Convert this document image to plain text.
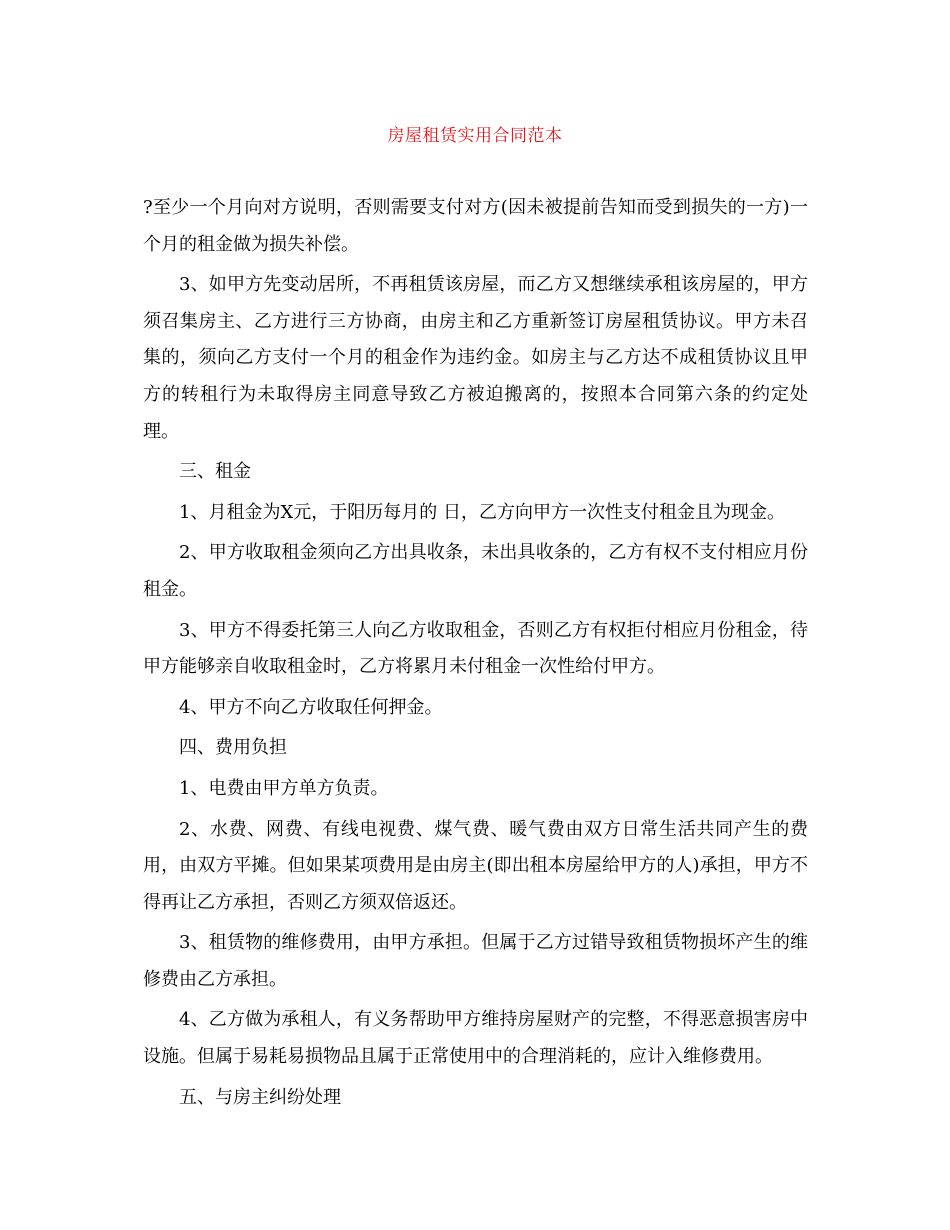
房屋租赁实用合同范本

?至少一个月向对方说明，否则需要支付对方(因未被提前告知而受到损失的一方)一个月的租金做为损失补偿。

3、如甲方先变动居所，不再租赁该房屋，而乙方又想继续承租该房屋的，甲方须召集房主、乙方进行三方协商，由房主和乙方重新签订房屋租赁协议。甲方未召集的，须向乙方支付一个月的租金作为违约金。如房主与乙方达不成租赁协议且甲方的转租行为未取得房主同意导致乙方被迫搬离的，按照本合同第六条的约定处理。

三、租金

1、月租金为X元，于阳历每月的 日，乙方向甲方一次性支付租金且为现金。

2、甲方收取租金须向乙方出具收条，未出具收条的，乙方有权不支付相应月份租金。

3、甲方不得委托第三人向乙方收取租金，否则乙方有权拒付相应月份租金，待甲方能够亲自收取租金时，乙方将累月未付租金一次性给付甲方。

4、甲方不向乙方收取任何押金。

四、费用负担

1、电费由甲方单方负责。

2、水费、网费、有线电视费、煤气费、暖气费由双方日常生活共同产生的费用，由双方平摊。但如果某项费用是由房主(即出租本房屋给甲方的人)承担，甲方不得再让乙方承担，否则乙方须双倍返还。

3、租赁物的维修费用，由甲方承担。但属于乙方过错导致租赁物损坏产生的维修费由乙方承担。

4、乙方做为承租人，有义务帮助甲方维持房屋财产的完整，不得恶意损害房中设施。但属于易耗易损物品且属于正常使用中的合理消耗的，应计入维修费用。

五、与房主纠纷处理
